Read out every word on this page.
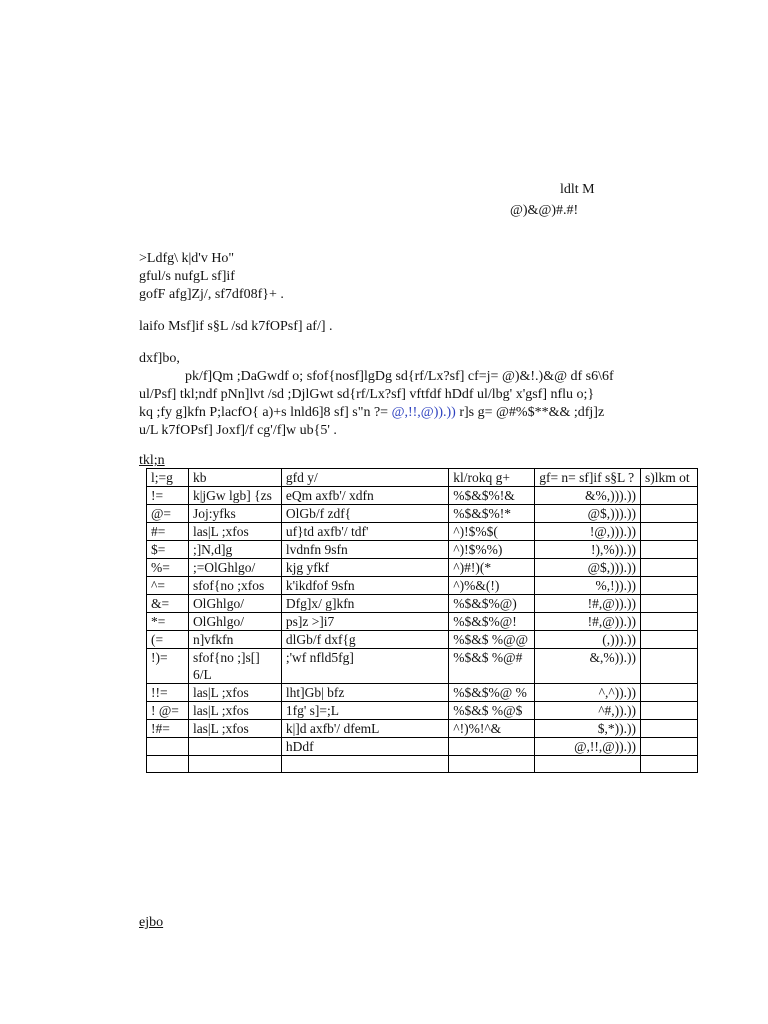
ldlt M
@)&@)#.#!
>Ldfg\ k|d'v Ho"
gful/s nufgL sf]if
gofF afg]Zj/, sf7df08f}+ .
laifo Msf]if s§L /sd k7fOPsf] af/] .
dxf]bo,
pk/f]Qm ;DaGwdf o; sfof{nosf]lgDg sd{rf/Lx?sf] cf=j= @)&!.)&@ df s6\6f
ul/Psf] tkl;ndf pNn]lvt /sd ;DjlGwt sd{rf/Lx?sf] vftfdf hDdf ul/lbg' x'gsf] nflu o;}
kq ;fy g]kfn P;lacfO{ a)+s lnld6]8 sf] s"n ?= @,!!,@)).)) r]s g= @#%$**&& ;dfj]z
u/L k7fOPsf] Joxf]/f cg'/f]w ub{5' .
tkl;n
l;=g	kb	gfd y/	kl/rokq g+	gf= n= sf]if s§L ?	s)lkm ot
!=	k|jGw lgb] {zs	eQm axfb'/ xdfn	%$&$%!&	&%,))).))	
@=	Joj:yfks	OlGb/f zdf{	%$&$%!*	@$,))).))	
#=	las|L ;xfos	uf}td axfb'/ tdf'	^)!$%$(	!@,))).))	
$=	;]N,d]g	lvdnfn 9sfn	^)!$%%)	!),%)).))	
%=	;=OlGhlgo/	kjg yfkf	^)#!)(*	@$,))).))	
^=	sfof{no ;xfos	k'ikdfof 9sfn	^)%&(!)	%,!)).))	
&=	OlGhlgo/	Dfg]x/ g]kfn	%$&$%@)	!#,@)).))	
*=	OlGhlgo/	ps]z >]i7	%$&$%@!	!#,@)).))	
(=	n]vfkfn	dlGb/f dxf{g	%$&$ %@@	(,))).))	
!)=	sfof{no ;]s[] 6/L	;'wf nfld5fg]	%$&$ %@#	&,%)).))	
!!=	las|L ;xfos	lht]Gb| bfz	%$&$%@ %	^,^)).))	
! @=	las|L ;xfos	1fg' s]=;L	%$&$ %@$	^#,)).))	
!#=	las|L ;xfos	k|]d axfb'/ dfemL	^!)%!^&	$,*)).))	
		hDdf		@,!!,@)).))	

ejbo
